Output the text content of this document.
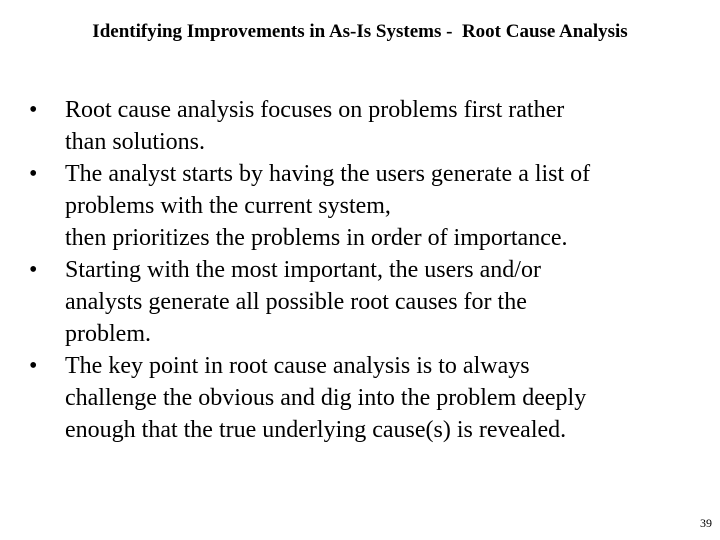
Identifying Improvements in As-Is Systems -  Root Cause Analysis
• Root cause analysis focuses on problems first rather
than solutions.
• The analyst starts by having the users generate a list of
problems with the current system,
then prioritizes the problems in order of importance.
• Starting with the most important, the users and/or
analysts generate all possible root causes for the
problem.
• The key point in root cause analysis is to always
challenge the obvious and dig into the problem deeply
enough that the true underlying cause(s) is revealed.
39
